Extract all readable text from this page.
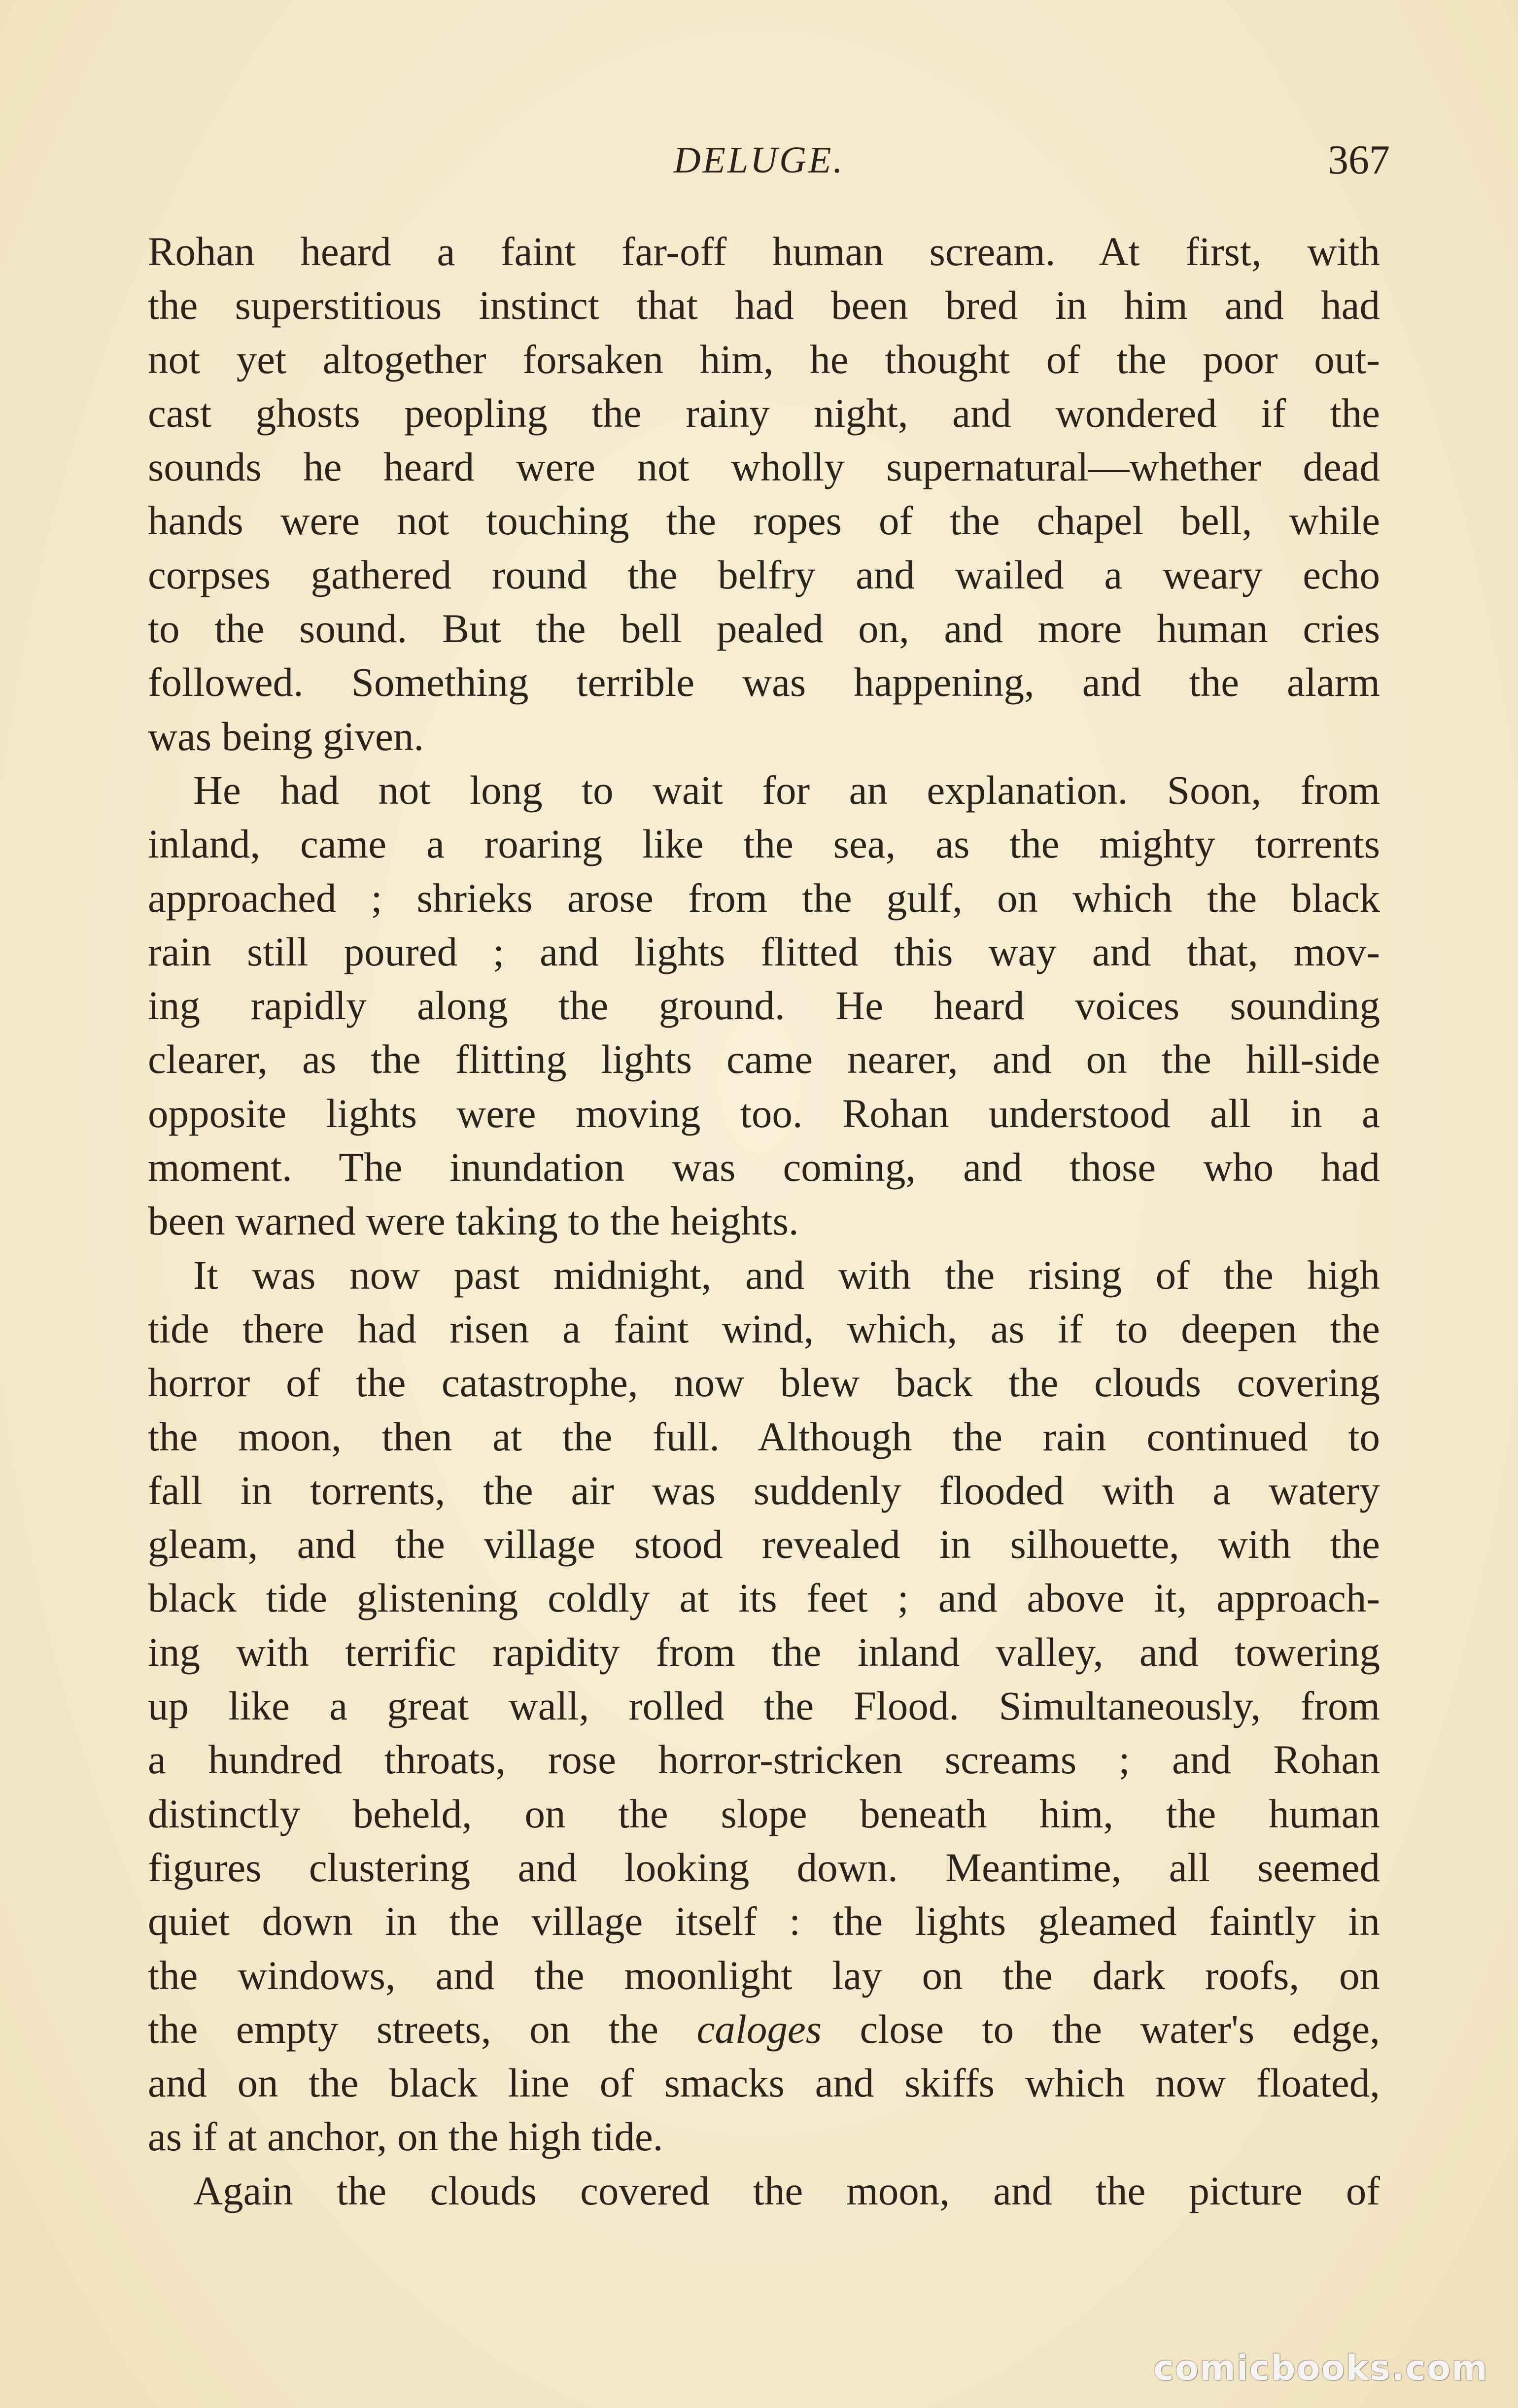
DELUGE.	367
Rohan heard a faint far-off human scream. At first, with
the superstitious instinct that had been bred in him and had
not yet altogether forsaken him, he thought of the poor out-
cast ghosts peopling the rainy night, and wondered if the
sounds he heard were not wholly supernatural—whether dead
hands were not touching the ropes of the chapel bell, while
corpses gathered round the belfry and wailed a weary echo
to the sound. But the bell pealed on, and more human cries
followed. Something terrible was happening, and the alarm
was being given.
He had not long to wait for an explanation. Soon, from
inland, came a roaring like the sea, as the mighty torrents
approached ; shrieks arose from the gulf, on which the black
rain still poured ; and lights flitted this way and that, mov-
ing rapidly along the ground. He heard voices sounding
clearer, as the flitting lights came nearer, and on the hill-side
opposite lights were moving too. Rohan understood all in a
moment. The inundation was coming, and those who had
been warned were taking to the heights.
It was now past midnight, and with the rising of the high
tide there had risen a faint wind, which, as if to deepen the
horror of the catastrophe, now blew back the clouds covering
the moon, then at the full. Although the rain continued to
fall in torrents, the air was suddenly flooded with a watery
gleam, and the village stood revealed in silhouette, with the
black tide glistening coldly at its feet ; and above it, approach-
ing with terrific rapidity from the inland valley, and towering
up like a great wall, rolled the Flood. Simultaneously, from
a hundred throats, rose horror-stricken screams ; and Rohan
distinctly beheld, on the slope beneath him, the human
figures clustering and looking down. Meantime, all seemed
quiet down in the village itself : the lights gleamed faintly in
the windows, and the moonlight lay on the dark roofs, on
the empty streets, on the caloges close to the water's edge,
and on the black line of smacks and skiffs which now floated,
as if at anchor, on the high tide.
Again the clouds covered the moon, and the picture of
comicbooks.com
